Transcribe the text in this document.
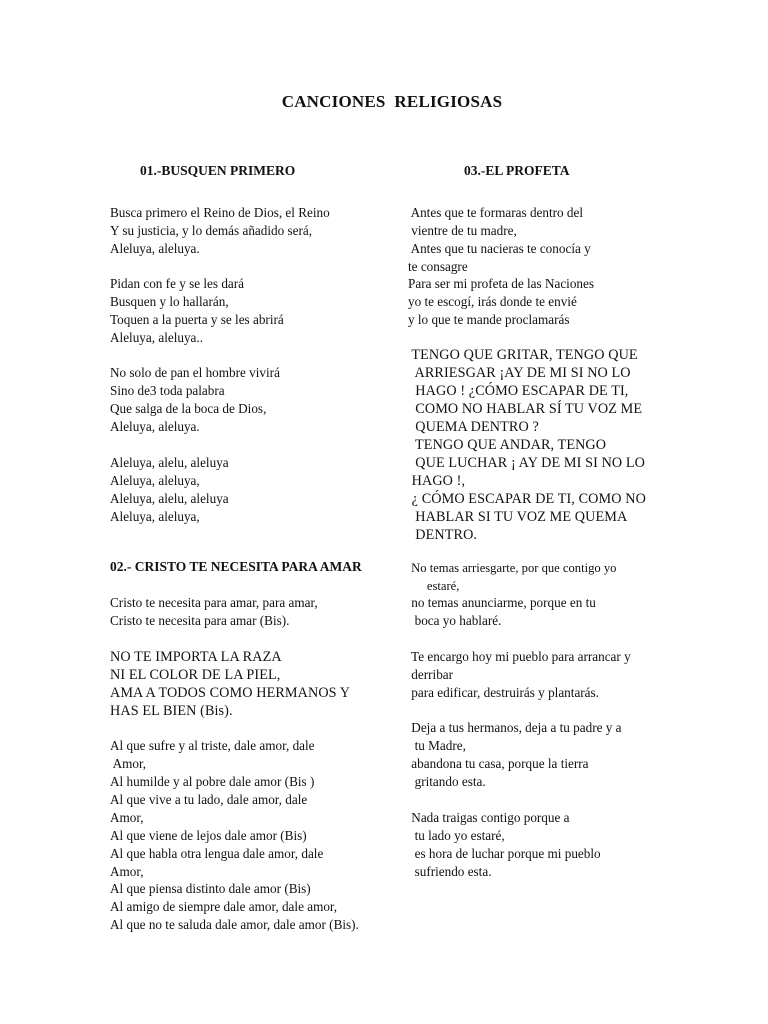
CANCIONES  RELIGIOSAS
01.-BUSQUEN PRIMERO
Busca primero el Reino de Dios, el Reino
Y su justicia, y lo demás añadido será,
Aleluya, aleluya.
Pidan con fe y se les dará
Busquen y lo hallarán,
Toquen a la puerta y se les abrirá
Aleluya, aleluya..
No solo de pan el hombre vivirá
Sino de3 toda palabra
Que salga de la boca de Dios,
Aleluya, aleluya.
Aleluya, alelu, aleluya
Aleluya, aleluya,
Aleluya, alelu, aleluya
Aleluya, aleluya,
02.- CRISTO TE NECESITA PARA AMAR
Cristo te necesita para amar, para amar,
Cristo te necesita para amar (Bis).
NO TE IMPORTA LA RAZA
NI EL COLOR DE LA PIEL,
AMA A TODOS COMO HERMANOS Y
HAS EL BIEN (Bis).
Al que sufre y al triste, dale amor, dale
Amor,
Al humilde y al pobre dale amor (Bis )
Al que vive a tu lado, dale amor, dale
Amor,
Al que viene de lejos dale amor (Bis)
Al que habla otra lengua dale amor, dale
Amor,
Al que piensa distinto dale amor (Bis)
Al amigo de siempre dale amor, dale amor,
Al que no te saluda dale amor, dale amor (Bis).
03.-EL PROFETA
Antes que te formaras dentro del
vientre de tu madre,
Antes que tu nacieras te conocía y
te consagre
Para ser mi profeta de las Naciones
yo te escogí, irás donde te envié
y lo que te mande proclamarás
TENGO QUE GRITAR, TENGO QUE
ARRIESGAR ¡AY DE MI SI NO LO
HAGO ! ¿CÓMO ESCAPAR DE TI,
COMO NO HABLAR SÍ TU VOZ ME
QUEMA DENTRO ?
TENGO QUE ANDAR, TENGO
QUE LUCHAR ¡ AY DE MI SI NO LO
HAGO !,
¿ CÓMO ESCAPAR DE TI, COMO NO
HABLAR SI TU VOZ ME QUEMA
DENTRO.
No temas arriesgarte, por que contigo yo
estaré,
no temas anunciarme, porque en tu
boca yo hablaré.
Te encargo hoy mi pueblo para arrancar y
derribar
para edificar, destruirás y plantarás.
Deja a tus hermanos, deja a tu padre y a
tu Madre,
abandona tu casa, porque la tierra
gritando esta.
Nada traigas contigo porque a
tu lado yo estaré,
es hora de luchar porque mi pueblo
sufriendo esta.
